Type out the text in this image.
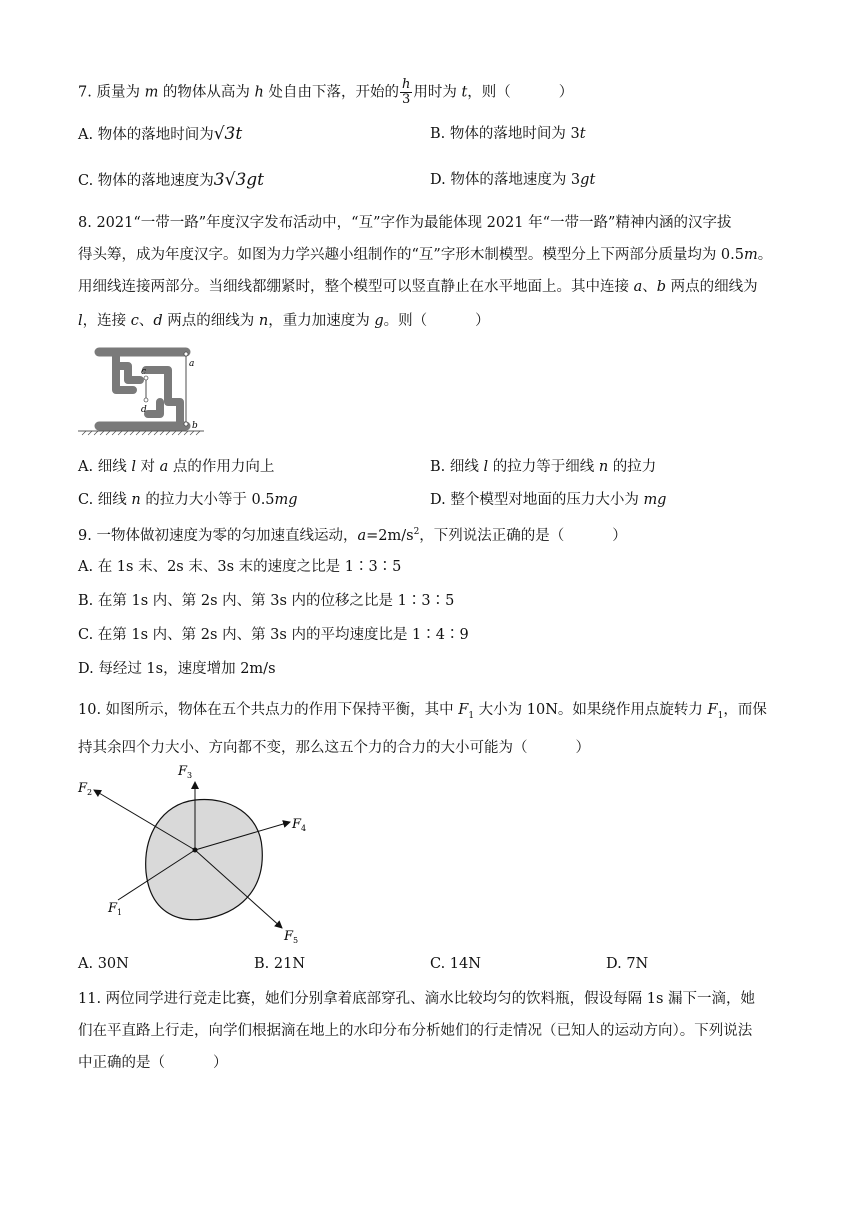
7. 质量为 m 的物体从高为 h 处自由下落，开始的 $\frac{h}{3}$ 用时为 t，则（	）
A. 物体的落地时间为√3t	B. 物体的落地时间为 3t
C. 物体的落地速度为3√3gt	D. 物体的落地速度为 3gt
8. 2021“一带一路”年度汉字发布活动中，“互”字作为最能体现 2021 年“一带一路”精神内涵的汉字拔
得头筹，成为年度汉字。如图为力学兴趣小组制作的“互”字形木制模型。模型分上下两部分质量均为 0.5m。
用细线连接两部分。当细线都绷紧时，整个模型可以竖直静止在水平地面上。其中连接 a、b 两点的细线为
l，连接 c、d 两点的细线为 n，重力加速度为 g。则（	）
a
b
c
d
A. 细线 l 对 a 点的作用力向上	B. 细线 l 的拉力等于细线 n 的拉力
C. 细线 n 的拉力大小等于 0.5mg	D. 整个模型对地面的压力大小为 mg
9. 一物体做初速度为零的匀加速直线运动，$a=2m/s^2$，下列说法正确的是（	）
A. 在 1s 末、2s 末、3s 末的速度之比是 1∶3∶5
B. 在第 1s 内、第 2s 内、第 3s 内的位移之比是 1∶3∶5
C. 在第 1s 内、第 2s 内、第 3s 内的平均速度比是 1∶4∶9
D. 每经过 1s，速度增加 2m/s
10. 如图所示，物体在五个共点力的作用下保持平衡，其中 $F_1$ 大小为 10N。如果绕作用点旋转力 $F_1$，而保
持其余四个力大小、方向都不变，那么这五个力的合力的大小可能为（	）
$F_3$
$F_2$
$F_4$
$F_1$
$F_5$
A. 30N	B. 21N	C. 14N	D. 7N
11. 两位同学进行竞走比赛，她们分别拿着底部穿孔、滴水比较均匀的饮料瓶，假设每隔 1s 漏下一滴，她
们在平直路上行走，向学们根据滴在地上的水印分布分析她们的行走情况（已知人的运动方向）。下列说法
中正确的是（	）
